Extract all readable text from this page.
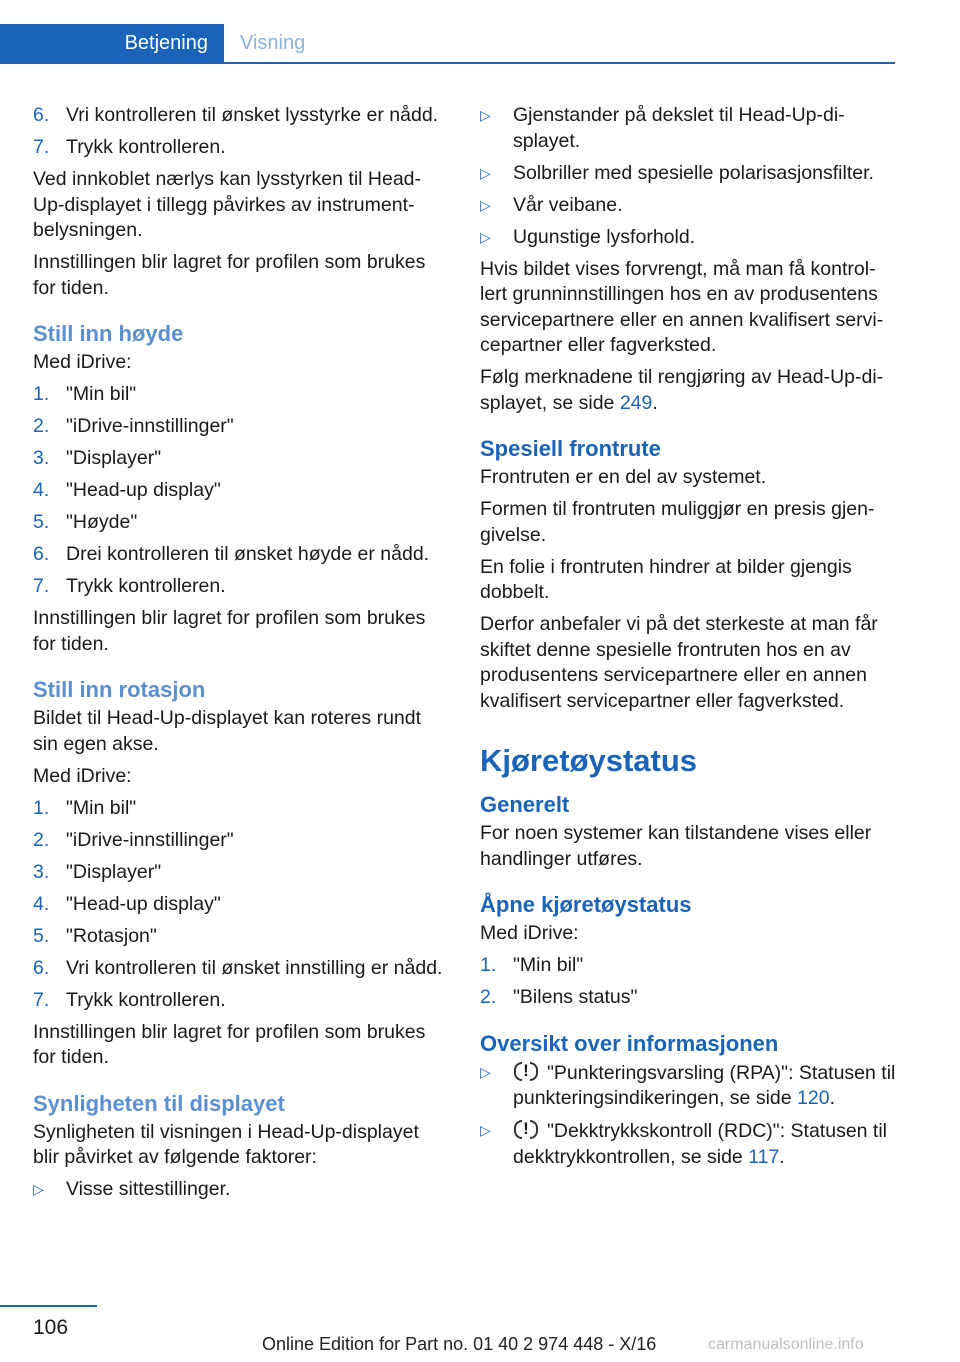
Betjening	Visning
6. Vri kontrolleren til ønsket lysstyrke er nådd.
7. Trykk kontrolleren.

Ved innkoblet nærlys kan lysstyrken til Head-Up-displayet i tillegg påvirkes av instrumentbelysningen.

Innstillingen blir lagret for profilen som brukes for tiden.

Still inn høyde

Med iDrive:

1. "Min bil"
2. "iDrive-innstillinger"
3. "Displayer"
4. "Head-up display"
5. "Høyde"
6. Drei kontrolleren til ønsket høyde er nådd.
7. Trykk kontrolleren.

Innstillingen blir lagret for profilen som brukes for tiden.

Still inn rotasjon

Bildet til Head-Up-displayet kan roteres rundt sin egen akse.

Med iDrive:

1. "Min bil"
2. "iDrive-innstillinger"
3. "Displayer"
4. "Head-up display"
5. "Rotasjon"
6. Vri kontrolleren til ønsket innstilling er nådd.
7. Trykk kontrolleren.

Innstillingen blir lagret for profilen som brukes for tiden.

Synligheten til displayet

Synligheten til visningen i Head-Up-displayet blir påvirket av følgende faktorer:

▷	Visse sittestillinger.
▷	Gjenstander på dekslet til Head-Up-displayet.
▷	Solbriller med spesielle polarisasjonsfilter.
▷	Vår veibane.
▷	Ugunstige lysforhold.

Hvis bildet vises forvrengt, må man få kontrollert grunninnstillingen hos en av produsentens servicepartnere eller en annen kvalifisert servicepartner eller fagverksted.

Følg merknadene til rengjøring av Head-Up-displayet, se side 249.

Spesiell frontrute

Frontruten er en del av systemet.

Formen til frontruten muliggjør en presis gjengivelse.

En folie i frontruten hindrer at bilder gjengis dobbelt.

Derfor anbefaler vi på det sterkeste at man får skiftet denne spesielle frontruten hos en av produsentens servicepartnere eller en annen kvalifisert servicepartner eller fagverksted.

Kjøretøystatus
Generelt

For noen systemer kan tilstandene vises eller handlinger utføres.

Åpne kjøretøystatus

Med iDrive:

1. "Min bil"
2. "Bilens status"
Oversikt over informasjonen
▷	! "Punkteringsvarsling (RPA)": Statusen til punkteringsindikeringen, se side 120.
▷	! "Dekktrykkskontroll (RDC)": Statusen til dekktrykkontrollen, se side 117.
106
Online Edition for Part no. 01 40 2 974 448 - X/16	carmanualsonline.info
